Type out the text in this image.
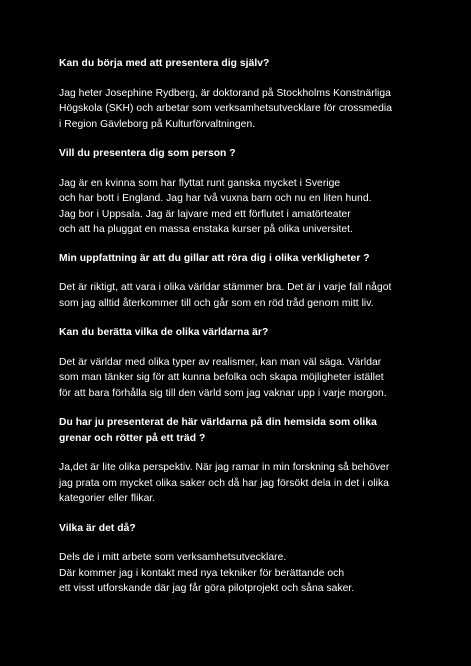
Kan du börja med att presentera dig själv?
Jag heter Josephine Rydberg, är doktorand på Stockholms Konstnärliga
Högskola (SKH) och arbetar som verksamhetsutvecklare för crossmedia
i Region Gävleborg på Kulturförvaltningen.
Vill du presentera dig som person ?
Jag är en kvinna som har flyttat runt ganska mycket i Sverige
och har bott i England. Jag har två vuxna barn och nu en liten hund.
Jag bor i Uppsala. Jag är lajvare med ett förflutet i amatörteater
och att ha pluggat en massa enstaka kurser på olika universitet.
Min uppfattning är att du gillar att röra dig i olika verkligheter ?
Det är riktigt, att vara i olika världar stämmer bra. Det är i varje fall något
som jag alltid återkommer till och går som en röd tråd genom mitt liv.
Kan du berätta vilka de olika världarna är?
Det är världar med olika typer av realismer, kan man väl säga. Världar
som man tänker sig för att kunna befolka och skapa möjligheter istället
för att bara förhålla sig till den värld som jag vaknar upp i varje morgon.
Du har ju presenterat de här världarna på din hemsida som olika
grenar och rötter på ett träd ?
Ja,det är lite olika perspektiv. När jag ramar in min forskning så behöver
jag prata om mycket olika saker och då har jag försökt dela in det i olika
kategorier eller flikar.
Vilka är det då?
Dels de i mitt arbete som verksamhetsutvecklare.
Där kommer jag i kontakt med nya tekniker för berättande och
ett visst utforskande där jag får göra pilotprojekt och såna saker.
